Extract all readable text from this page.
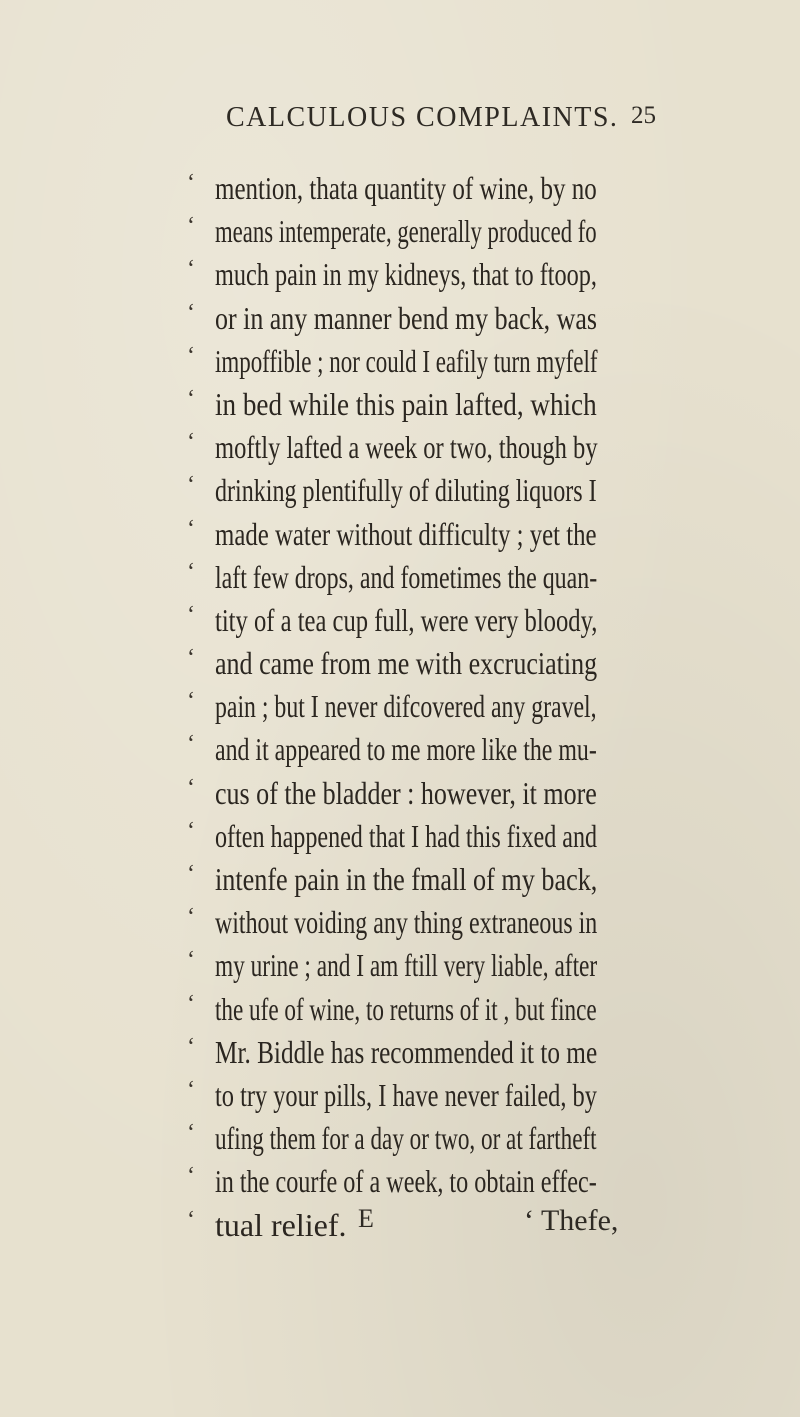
CALCULOUS COMPLAINTS. 25
‘ mention, thata quantity of wine, by no
‘ means intemperate, generally produced fo
‘ much pain in my kidneys, that to ftoop,
‘ or in any manner bend my back, was
‘ impoffible ; nor could I eafily turn myfelf
‘ in bed while this pain lafted, which
‘ moftly lafted a week or two, though by
‘ drinking plentifully of diluting liquors I
‘ made water without difficulty ; yet the
‘ laft few drops, and fometimes the quan-
‘ tity of a tea cup full, were very bloody,
‘ and came from me with excruciating
‘ pain ; but I never difcovered any gravel,
‘ and it appeared to me more like the mu-
‘ cus of the bladder : however, it more
‘ often happened that I had this fixed and
‘ intenfe pain in the fmall of my back,
‘ without voiding any thing extraneous in
‘ my urine ; and I am ftill very liable, after
‘ the ufe of wine, to returns of it , but fince
‘ Mr. Biddle has recommended it to me
‘ to try your pills, I have never failed, by
‘ ufing them for a day or two, or at fartheft
‘ in the courfe of a week, to obtain effec-
‘ tual relief. E	‘ Thefe,
